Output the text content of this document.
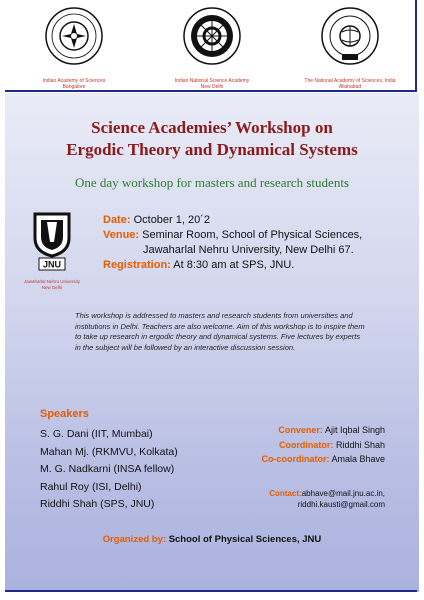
Indian Academy of Sciences
Bangalore
Indian National Science Academy
New Delhi
The National Academy of Sciences, India
Allahabad
Science Academies’ Workshop on
Ergodic Theory and Dynamical Systems
One day workshop for masters and research students
JNU
Jawaharlal Nehru University
New Delhi
Date: October 1, 20´2
Venue: Seminar Room, School of Physical Sciences,
Jawaharlal Nehru University, New Delhi 67.
Registration: At 8:30 am at SPS, JNU.
This workshop is addressed to masters and research students from universities and institutions in Delhi. Teachers are also welcome. Aim of this workshop is to inspire them to take up research in ergodic theory and dynamical systems. Five lectures by experts in the subject will be followed by an interactive discussion session.
Speakers
S. G. Dani (IIT, Mumbai)
Mahan Mj. (RKMVU, Kolkata)
M. G. Nadkarni (INSA fellow)
Rahul Roy (ISI, Delhi)
Riddhi Shah (SPS, JNU)
Convener: Ajit Iqbal Singh
Coordinator: Riddhi Shah
Co-coordinator: Amala Bhave
Contact:abhave@mail.jnu.ac.in,
riddhi.kausti@gmail.com
Organized by: School of Physical Sciences, JNU
